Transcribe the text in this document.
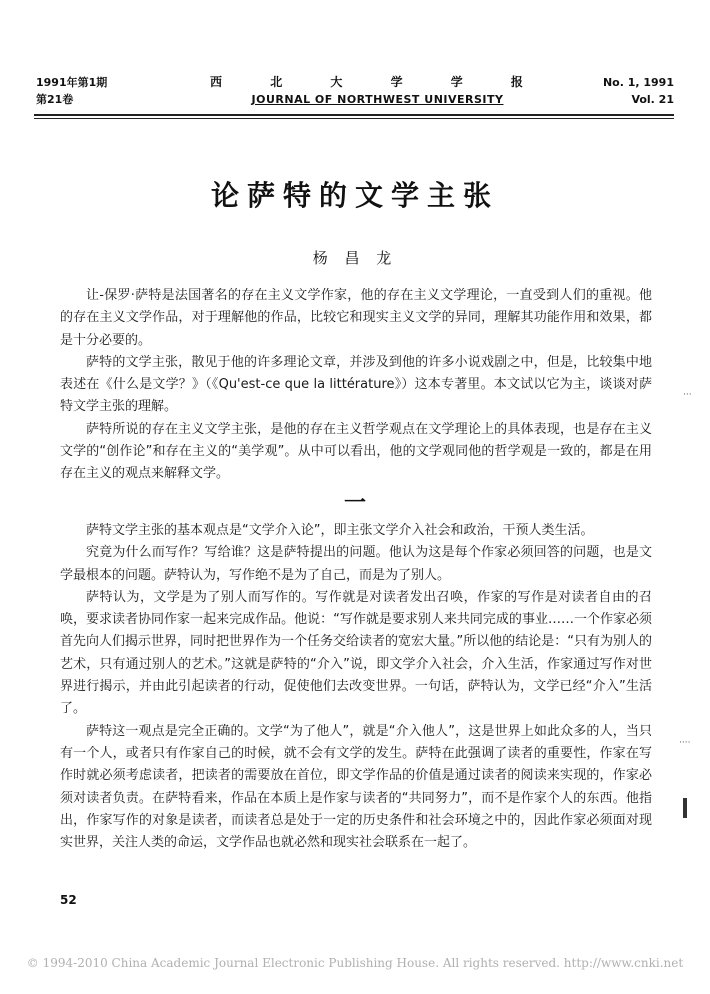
1991年第1期
第21卷
西 北 大 学 学 报
JOURNAL OF NORTHWEST UNIVERSITY
No. 1, 1991
Vol. 21
论萨特的文学主张
杨 昌 龙

让-保罗·萨特是法国著名的存在主义文学作家，他的存在主义文学理论，一直受到人们的重视。他的存在主义文学作品，对于理解他的作品，比较它和现实主义文学的异同，理解其功能作用和效果，都是十分必要的。

萨特的文学主张，散见于他的许多理论文章，并涉及到他的许多小说戏剧之中，但是，比较集中地表述在《什么是文学？》（《Qu'est-ce que la littérature》）这本专著里。本文试以它为主，谈谈对萨特文学主张的理解。

萨特所说的存在主义文学主张，是他的存在主义哲学观点在文学理论上的具体表现，也是存在主义文学的“创作论”和存在主义的“美学观”。从中可以看出，他的文学观同他的哲学观是一致的，都是在用存在主义的观点来解释文学。

一

萨特文学主张的基本观点是“文学介入论”，即主张文学介入社会和政治，干预人类生活。

究竟为什么而写作？写给谁？这是萨特提出的问题。他认为这是每个作家必须回答的问题，也是文学最根本的问题。萨特认为，写作绝不是为了自己，而是为了别人。

萨特认为，文学是为了别人而写作的。写作就是对读者发出召唤，作家的写作是对读者自由的召唤，要求读者协同作家一起来完成作品。他说：“写作就是要求别人来共同完成的事业……一个作家必须首先向人们揭示世界，同时把世界作为一个任务交给读者的宽宏大量。”所以他的结论是：“只有为别人的艺术，只有通过别人的艺术。”这就是萨特的“介入”说，即文学介入社会，介入生活，作家通过写作对世界进行揭示，并由此引起读者的行动，促使他们去改变世界。一句话，萨特认为，文学已经“介入”生活了。

萨特这一观点是完全正确的。文学“为了他人”，就是“介入他人”，这是世界上如此众多的人，当只有一个人，或者只有作家自己的时候，就不会有文学的发生。萨特在此强调了读者的重要性，作家在写作时就必须考虑读者，把读者的需要放在首位，即文学作品的价值是通过读者的阅读来实现的，作家必须对读者负责。在萨特看来，作品在本质上是作家与读者的“共同努力”，而不是作家个人的东西。他指出，作家写作的对象是读者，而读者总是处于一定的历史条件和社会环境之中的，因此作家必须面对现实世界，关注人类的命运，文学作品也就必然和现实社会联系在一起了。

···
····
52
© 1994-2010 China Academic Journal Electronic Publishing House. All rights reserved. http://www.cnki.net
